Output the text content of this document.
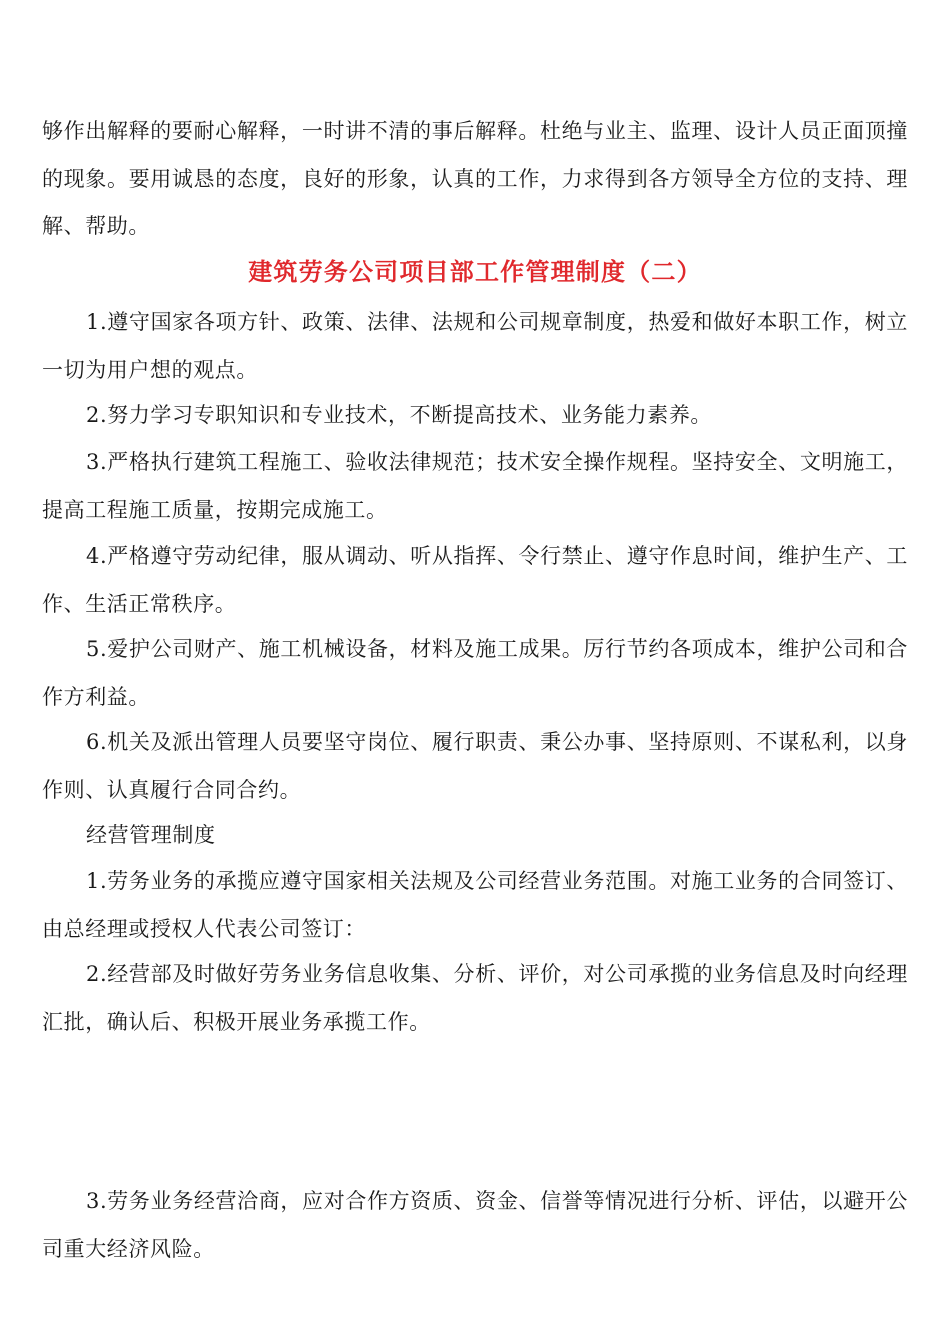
够作出解释的要耐心解释，一时讲不清的事后解释。杜绝与业主、监理、设计人员正面顶撞的现象。要用诚恳的态度，良好的形象，认真的工作，力求得到各方领导全方位的支持、理解、帮助。

建筑劳务公司项目部工作管理制度（二）

1.遵守国家各项方针、政策、法律、法规和公司规章制度，热爱和做好本职工作，树立一切为用户想的观点。

2.努力学习专职知识和专业技术，不断提高技术、业务能力素养。

3.严格执行建筑工程施工、验收法律规范；技术安全操作规程。坚持安全、文明施工，提高工程施工质量，按期完成施工。

4.严格遵守劳动纪律，服从调动、听从指挥、令行禁止、遵守作息时间，维护生产、工作、生活正常秩序。

5.爱护公司财产、施工机械设备，材料及施工成果。厉行节约各项成本，维护公司和合作方利益。

6.机关及派出管理人员要坚守岗位、履行职责、秉公办事、坚持原则、不谋私利，以身作则、认真履行合同合约。

经营管理制度

1.劳务业务的承揽应遵守国家相关法规及公司经营业务范围。对施工业务的合同签订、由总经理或授权人代表公司签订：

2.经营部及时做好劳务业务信息收集、分析、评价，对公司承揽的业务信息及时向经理汇批，确认后、积极开展业务承揽工作。

3.劳务业务经营洽商，应对合作方资质、资金、信誉等情况进行分析、评估，以避开公司重大经济风险。
